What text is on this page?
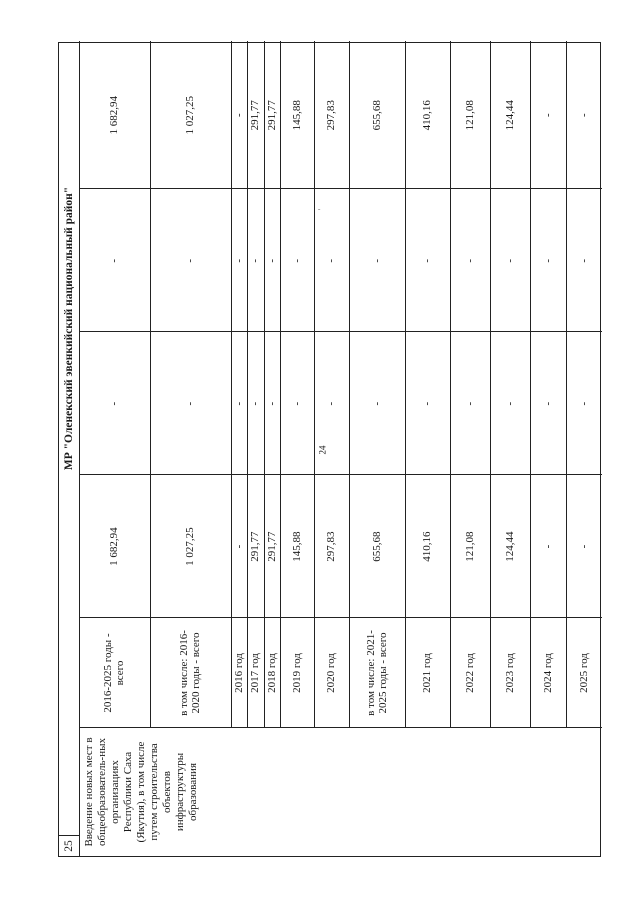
24
ˇ
25
МР "Оленекский эвенкийский национальный район"
Введение новых мест в общеобразователь-ных организациях Республики Саха (Якутия), в том числе путем строительства объектов инфраструктуры образования
2016-2025 годы - всего
1 682,94
-
-
1 682,94
в том числе: 2016-2020 годы - всего
1 027,25
-
-
1 027,25
2016 год
-
-
-
-
2017 год
291,77
-
-
291,77
2018 год
291,77
-
-
291,77
2019 год
145,88
-
-
145,88
2020 год
297,83
-
-
297,83
в том числе: 2021-2025 годы - всего
655,68
-
-
655,68
2021 год
410,16
-
-
410,16
2022 год
121,08
-
-
121,08
2023 год
124,44
-
-
124,44
2024 год
-
-
-
-
2025 год
-
-
-
-
